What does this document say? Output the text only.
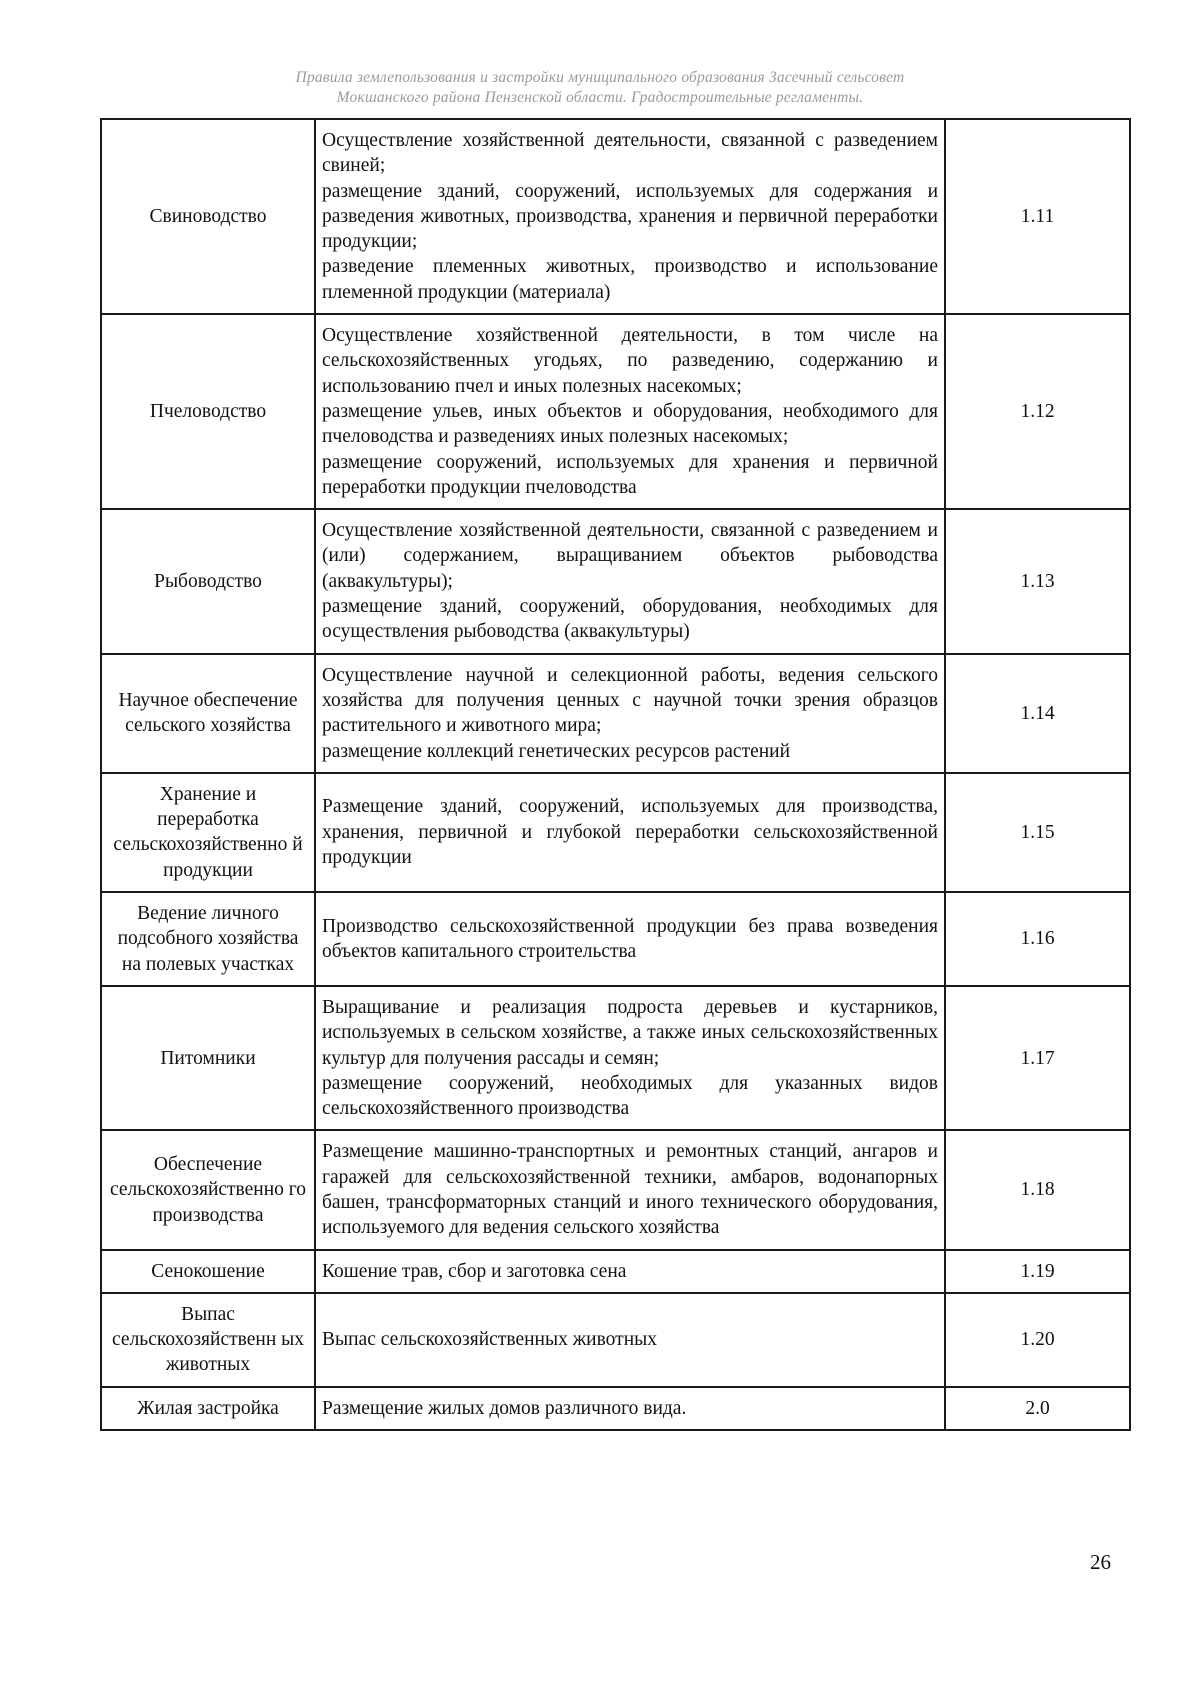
Правила землепользования и застройки муниципального образования Засечный сельсовет
Мокшанского района Пензенской области. Градостроительные регламенты.
Свиноводство	Осуществление хозяйственной деятельности, связанной с разведением свиней;
размещение зданий, сооружений, используемых для содержания и разведения животных, производства, хранения и первичной переработки продукции;
разведение племенных животных, производство и использование племенной продукции (материала)	1.11
Пчеловодство	Осуществление хозяйственной деятельности, в том числе на сельскохозяйственных угодьях, по разведению, содержанию и использованию пчел и иных полезных насекомых;
размещение ульев, иных объектов и оборудования, необходимого для пчеловодства и разведениях иных полезных насекомых;
размещение сооружений, используемых для хранения и первичной переработки продукции пчеловодства	1.12
Рыбоводство	Осуществление хозяйственной деятельности, связанной с разведением и (или) содержанием, выращиванием объектов рыбоводства (аквакультуры);
размещение зданий, сооружений, оборудования, необходимых для осуществления рыбоводства (аквакультуры)	1.13
Научное обеспечение сельского хозяйства	Осуществление научной и селекционной работы, ведения сельского хозяйства для получения ценных с научной точки зрения образцов растительного и животного мира;
размещение коллекций генетических ресурсов растений	1.14
Хранение и переработка сельскохозяйственно й продукции	Размещение зданий, сооружений, используемых для производства, хранения, первичной и глубокой переработки сельскохозяйственной продукции	1.15
Ведение личного подсобного хозяйства на полевых участках	Производство сельскохозяйственной продукции без права возведения объектов капитального строительства	1.16
Питомники	Выращивание и реализация подроста деревьев и кустарников, используемых в сельском хозяйстве, а также иных сельскохозяйственных культур для получения рассады и семян;
размещение сооружений, необходимых для указанных видов сельскохозяйственного производства	1.17
Обеспечение сельскохозяйственно го производства	Размещение машинно-транспортных и ремонтных станций, ангаров и гаражей для сельскохозяйственной техники, амбаров, водонапорных башен, трансформаторных станций и иного технического оборудования, используемого для ведения сельского хозяйства	1.18
Сенокошение	Кошение трав, сбор и заготовка сена	1.19
Выпас сельскохозяйственн ых животных	Выпас сельскохозяйственных животных	1.20
Жилая застройка	Размещение жилых домов различного вида.	2.0
26
